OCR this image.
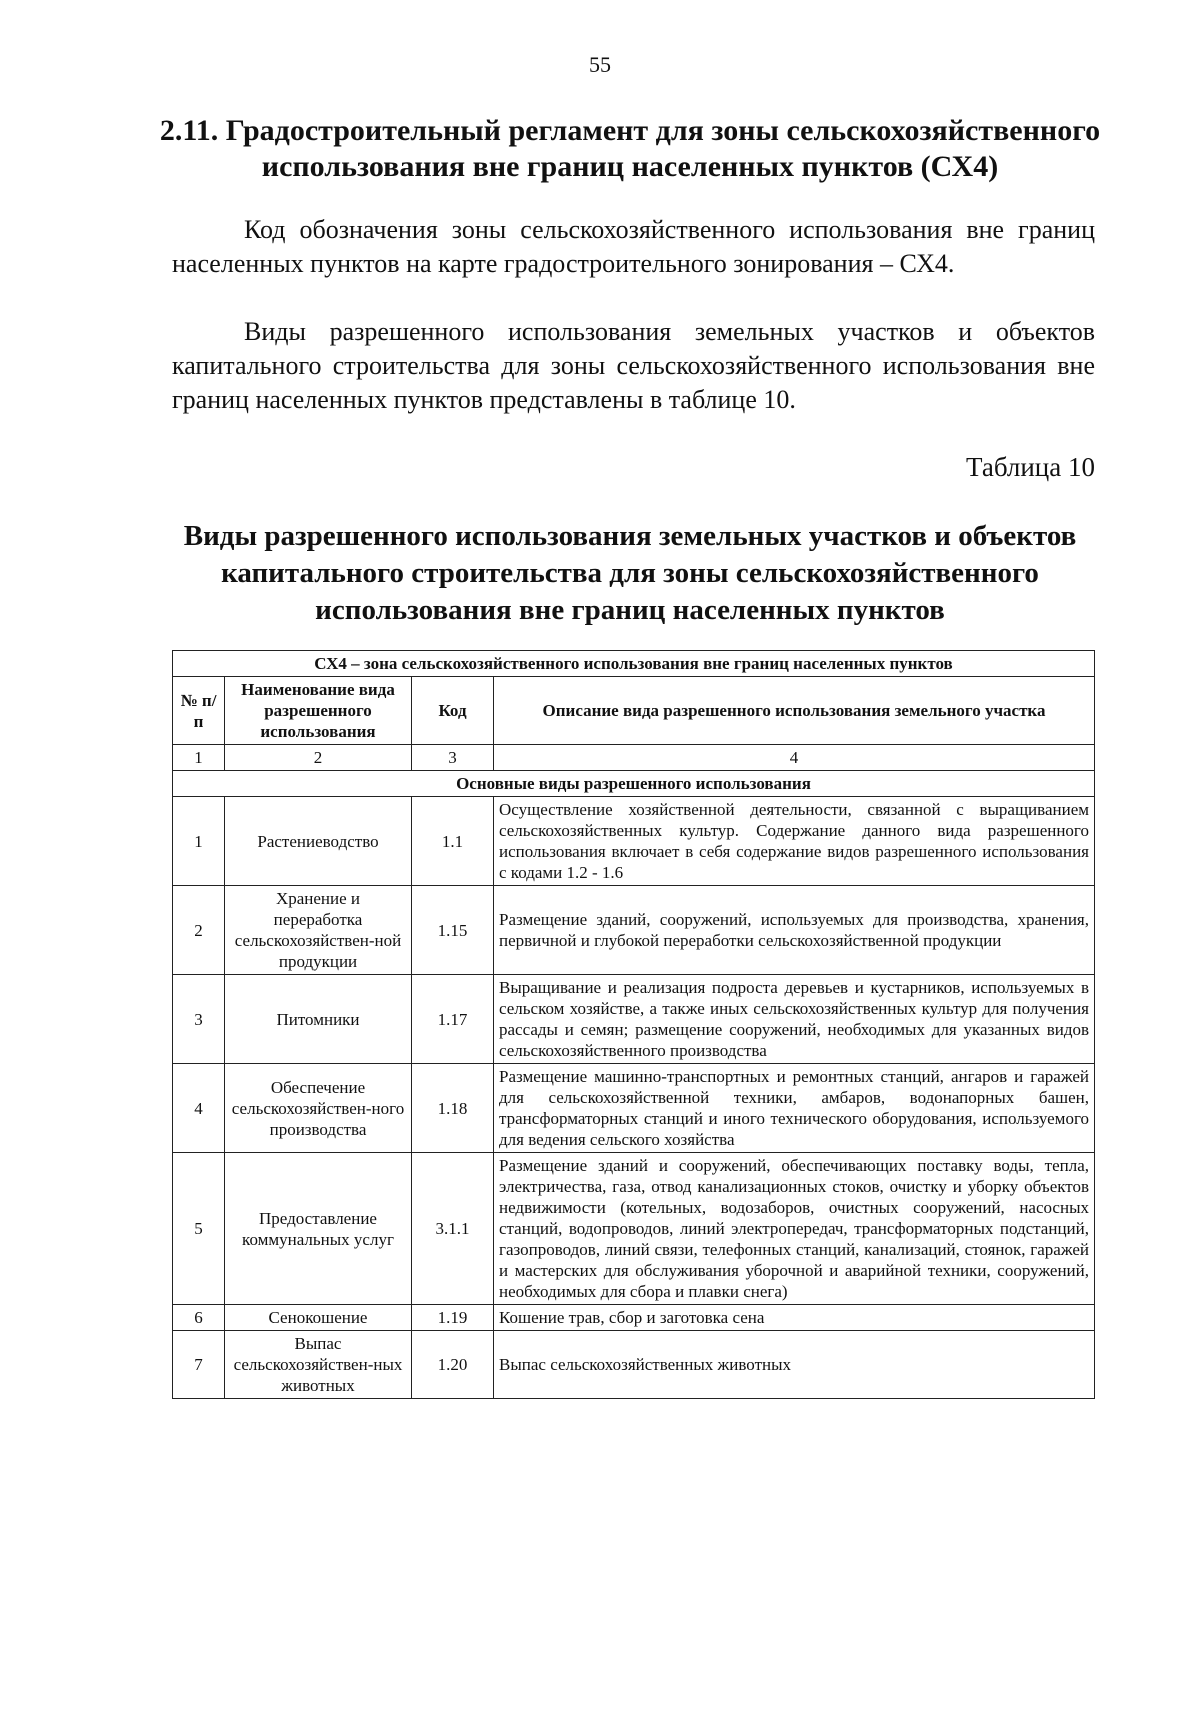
55
2.11. Градостроительный регламент для зоны сельскохозяйственного использования вне границ населенных пунктов (СХ4)

Код обозначения зоны сельскохозяйственного использования вне границ населенных пунктов на карте градостроительного зонирования – СХ4.

Виды разрешенного использования земельных участков и объектов капитального строительства для зоны сельскохозяйственного использования вне границ населенных пунктов представлены в таблице 10.

Таблица 10
Виды разрешенного использования земельных участков и объектов капитального строительства для зоны сельскохозяйственного использования вне границ населенных пунктов
СХ4 – зона сельскохозяйственного использования вне границ населенных пунктов			
№ п/п	Наименование вида разрешенного использования	Код	Описание вида разрешенного использования земельного участка
1	2	3	4
Основные виды разрешенного использования			
1	Растениеводство	1.1	Осуществление хозяйственной деятельности, связанной с выращиванием сельскохозяйственных культур. Содержание данного вида разрешенного использования включает в себя содержание видов разрешенного использования с кодами 1.2 - 1.6
2	Хранение и переработка сельскохозяйствен-ной продукции	1.15	Размещение зданий, сооружений, используемых для производства, хранения, первичной и глубокой переработки сельскохозяйственной продукции
3	Питомники	1.17	Выращивание и реализация подроста деревьев и кустарников, используемых в сельском хозяйстве, а также иных сельскохозяйственных культур для получения рассады и семян; размещение сооружений, необходимых для указанных видов сельскохозяйственного производства
4	Обеспечение сельскохозяйствен-ного производства	1.18	Размещение машинно-транспортных и ремонтных станций, ангаров и гаражей для сельскохозяйственной техники, амбаров, водонапорных башен, трансформаторных станций и иного технического оборудования, используемого для ведения сельского хозяйства
5	Предоставление коммунальных услуг	3.1.1	Размещение зданий и сооружений, обеспечивающих поставку воды, тепла, электричества, газа, отвод канализационных стоков, очистку и уборку объектов недвижимости (котельных, водозаборов, очистных сооружений, насосных станций, водопроводов, линий электропередач, трансформаторных подстанций, газопроводов, линий связи, телефонных станций, канализаций, стоянок, гаражей и мастерских для обслуживания уборочной и аварийной техники, сооружений, необходимых для сбора и плавки снега)
6	Сенокошение	1.19	Кошение трав, сбор и заготовка сена
7	Выпас сельскохозяйствен-ных животных	1.20	Выпас сельскохозяйственных животных
